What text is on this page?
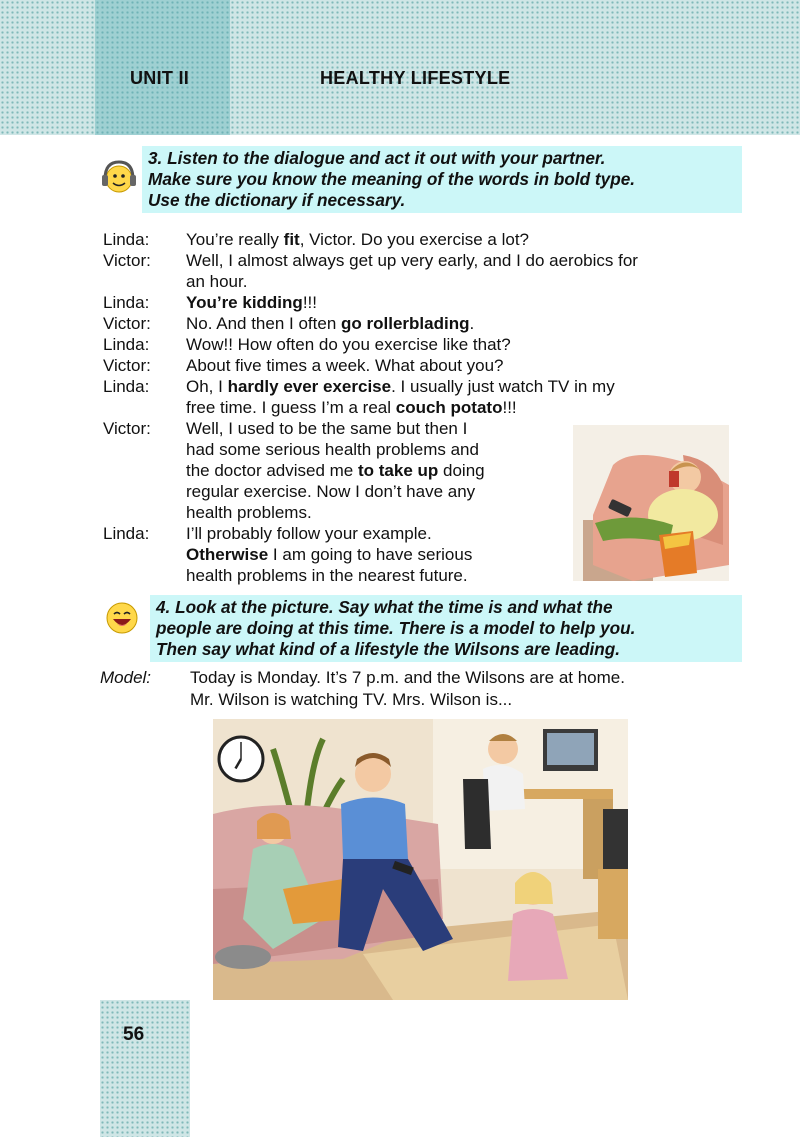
UNIT II	HEALTHY LIFESTYLE
3. Listen to the dialogue and act it out with your partner.
Make sure you know the meaning of the words in bold type.
Use the dictionary if necessary.
Linda: You’re really fit, Victor. Do you exercise a lot?
Victor: Well, I almost always get up very early, and I do aerobics for
an hour.
Linda: You’re kidding!!!
Victor: No. And then I often go rollerblading.
Linda: Wow!! How often do you exercise like that?
Victor: About five times a week. What about you?
Linda: Oh, I hardly ever exercise. I usually just watch TV in my
free time. I guess I’m a real couch potato!!!
Victor: Well, I used to be the same but then I
had some serious health problems and
the doctor advised me to take up doing
regular exercise. Now I don’t have any
health problems.
Linda: I’ll probably follow your example.
Otherwise I am going to have serious
health problems in the nearest future.
4. Look at the picture. Say what the time is and what the
people are doing at this time. There is a model to help you.
Then say what kind of a lifestyle the Wilsons are leading.
Model: Today is Monday. It’s 7 p.m. and the Wilsons are at home.
Mr. Wilson is watching TV. Mrs. Wilson is...
56
